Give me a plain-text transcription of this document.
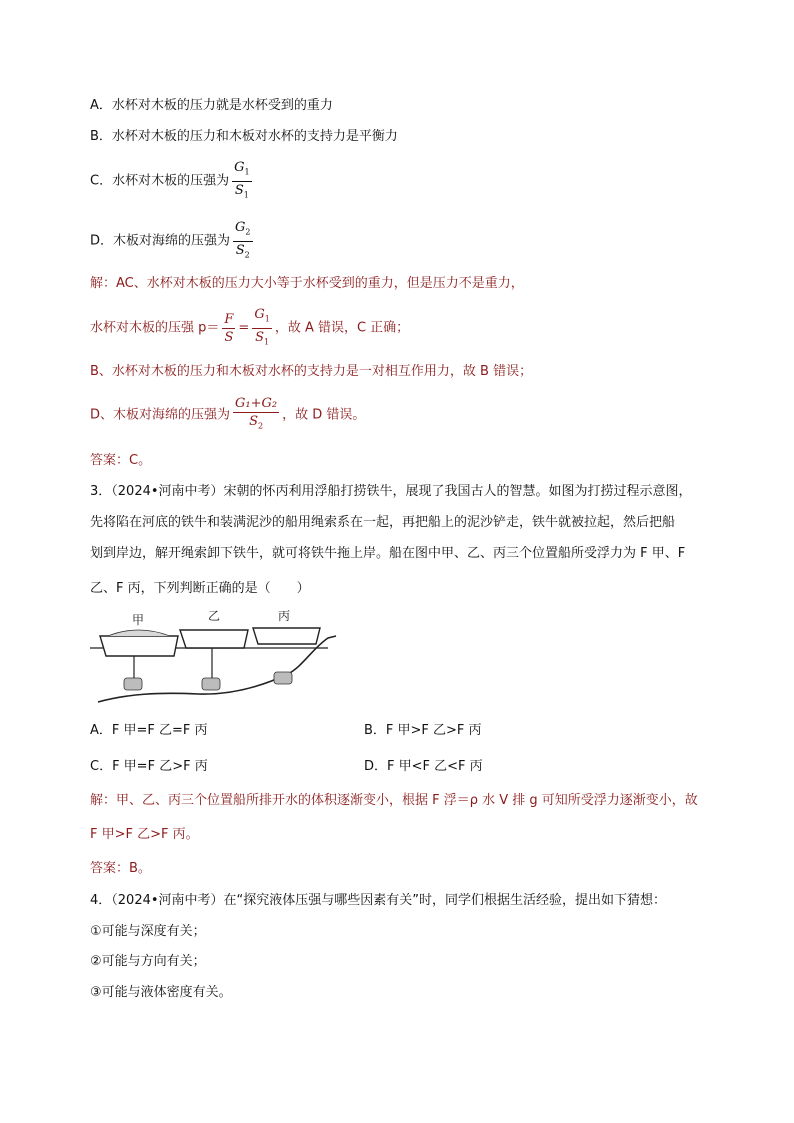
A．水杯对木板的压力就是水杯受到的重力
B．水杯对木板的压力和木板对水杯的支持力是平衡力
C．水杯对木板的压强为 $\frac{G_1}{S_1}$
D．木板对海绵的压强为 $\frac{G_2}{S_2}$
解：AC、水杯对木板的压力大小等于水杯受到的重力，但是压力不是重力，
水杯对木板的压强 $p= \frac{F}{S} = \frac{G_1}{S_1}$ ，故 A 错误，C 正确；
B、水杯对木板的压力和木板对水杯的支持力是一对相互作用力，故 B 错误；
D、木板对海绵的压强为 $\frac{\text{G₁+G₂}}{S_2}$ ，故 D 错误。
答案：C。
3．（2024•河南中考）宋朝的怀丙利用浮船打捞铁牛，展现了我国古人的智慧。如图为打捞过程示意图，
先将陷在河底的铁牛和装满泥沙的船用绳索系在一起，再把船上的泥沙铲走，铁牛就被拉起，然后把船
划到岸边，解开绳索卸下铁牛，就可将铁牛拖上岸。船在图中甲、乙、丙三个位置船所受浮力为 F 甲、F
乙、F 丙，下列判断正确的是（　　）
甲	乙	丙
A．F 甲=F 乙=F 丙	B．F 甲>F 乙>F 丙
C．F 甲=F 乙>F 丙	D．F 甲<F 乙<F 丙
解：甲、乙、丙三个位置船所排开水的体积逐渐变小，根据 F 浮＝ρ 水 V 排 g 可知所受浮力逐渐变小，故
F 甲>F 乙>F 丙。
答案：B。
4．（2024•河南中考）在“探究液体压强与哪些因素有关”时，同学们根据生活经验，提出如下猜想：
①可能与深度有关；
②可能与方向有关；
③可能与液体密度有关。
